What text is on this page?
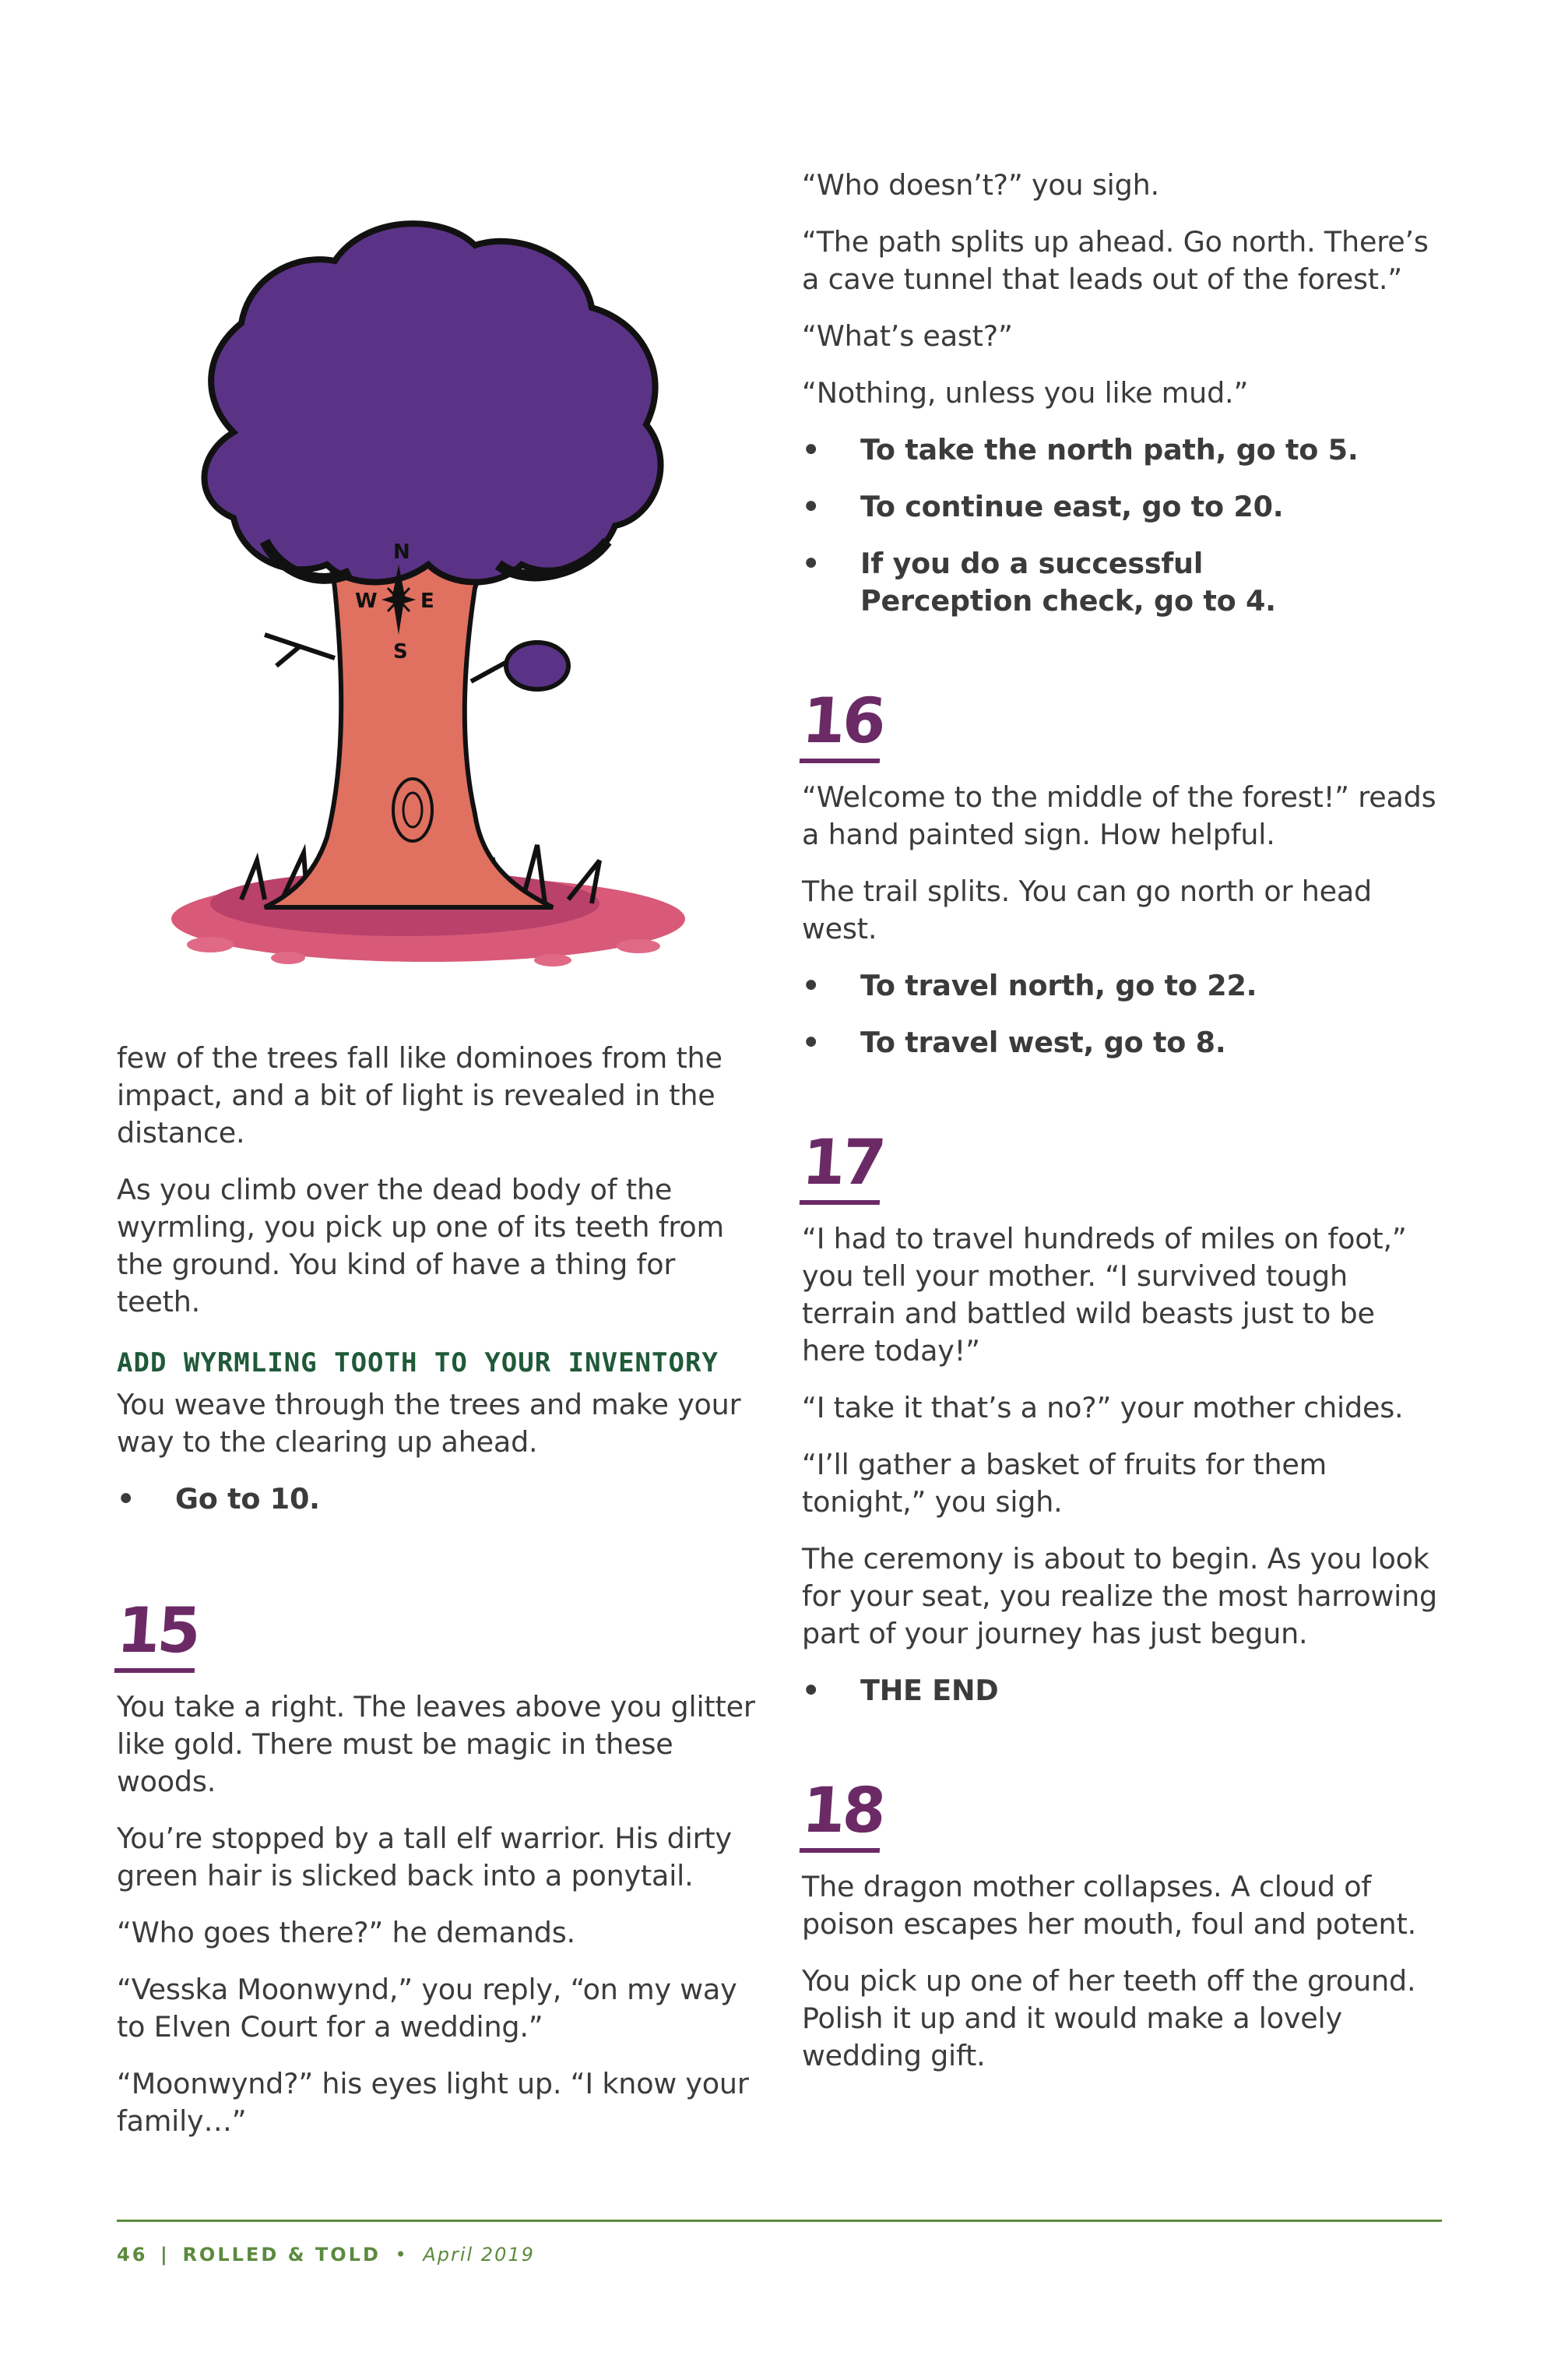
N
W E
S

few of the trees fall like dominoes from the impact, and a bit of light is revealed in the distance.

As you climb over the dead body of the wyrmling, you pick up one of its teeth from the ground. You kind of have a thing for teeth.

ADD WYRMLING TOOTH TO YOUR INVENTORY

You weave through the trees and make your way to the clearing up ahead.

• Go to 10.
15

You take a right. The leaves above you glitter like gold. There must be magic in these woods.

You’re stopped by a tall elf warrior. His dirty green hair is slicked back into a ponytail.

“Who goes there?” he demands.

“Vesska Moonwynd,” you reply, “on my way to Elven Court for a wedding.”

“Moonwynd?” his eyes light up. “I know your family…”

“Who doesn’t?” you sigh.

“The path splits up ahead. Go north. There’s a cave tunnel that leads out of the forest.”

“What’s east?”

“Nothing, unless you like mud.”

• To take the north path, go to 5.
• To continue east, go to 20.
• If you do a successful Perception check, go to 4.
16

“Welcome to the middle of the forest!” reads a hand painted sign. How helpful.

The trail splits. You can go north or head west.

• To travel north, go to 22.
• To travel west, go to 8.
17

“I had to travel hundreds of miles on foot,” you tell your mother. “I survived tough terrain and battled wild beasts just to be here today!”

“I take it that’s a no?” your mother chides.

“I’ll gather a basket of fruits for them tonight,” you sigh.

The ceremony is about to begin. As you look for your seat, you realize the most harrowing part of your journey has just begun.

• THE END
18

The dragon mother collapses. A cloud of poison escapes her mouth, foul and potent.

You pick up one of her teeth off the ground. Polish it up and it would make a lovely wedding gift.

46 | ROLLED & TOLD • April 2019
